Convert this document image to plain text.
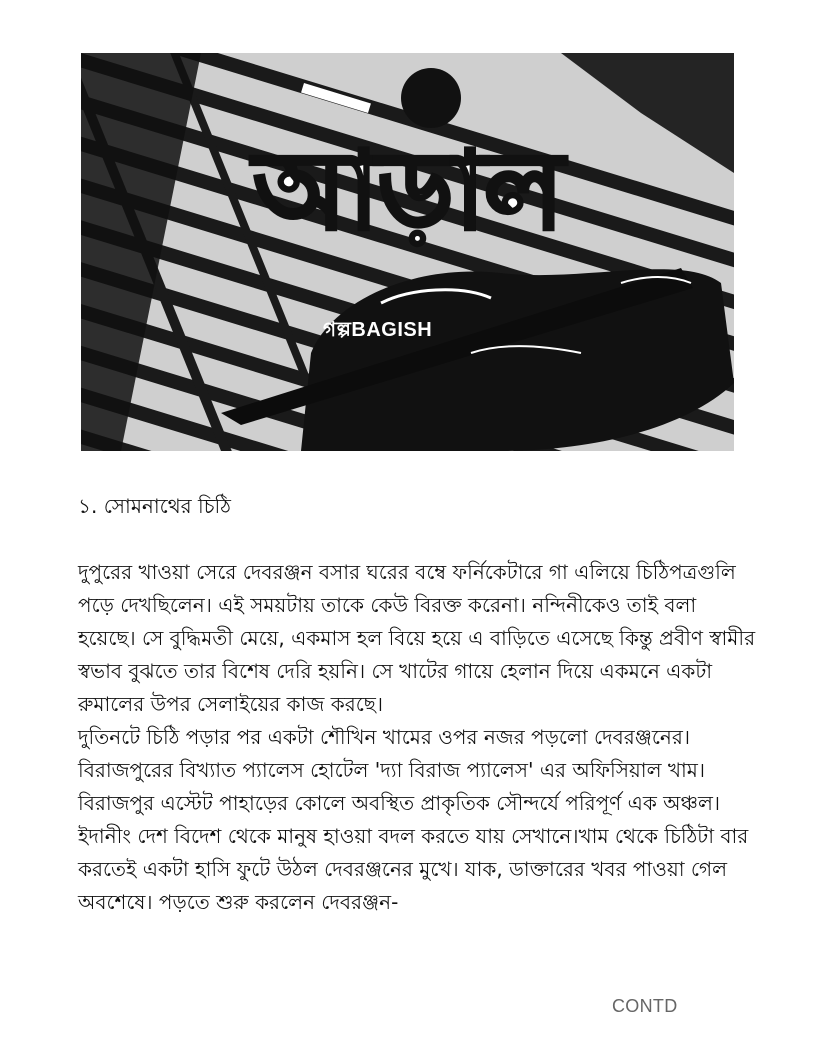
আড়াল
গল্পBAGISH
১. সোমনাথের চিঠি

দুপুরের খাওয়া সেরে দেবরঞ্জন বসার ঘরের বম্বে ফর্নিকেটারে গা এলিয়ে চিঠিপত্রগুলি পড়ে দেখছিলেন। এই সময়টায় তাকে কেউ বিরক্ত করেনা। নন্দিনীকেও তাই বলা হয়েছে। সে বুদ্ধিমতী মেয়ে, একমাস হল বিয়ে হয়ে এ বাড়িতে এসেছে কিন্তু প্রবীণ স্বামীর স্বভাব বুঝতে তার বিশেষ দেরি হয়নি। সে খাটের গায়ে হেলান দিয়ে একমনে একটা রুমালের উপর সেলাইয়ের কাজ করছে।

দুতিনটে চিঠি পড়ার পর একটা শৌখিন খামের ওপর নজর পড়লো দেবরঞ্জনের। বিরাজপুরের বিখ্যাত প্যালেস হোটেল 'দ্যা বিরাজ প্যালেস' এর অফিসিয়াল খাম। বিরাজপুর এস্টেট পাহাড়ের কোলে অবস্থিত প্রাকৃতিক সৌন্দর্যে পরিপূর্ণ এক অঞ্চল। ইদানীং দেশ বিদেশ থেকে মানুষ হাওয়া বদল করতে যায় সেখানে।খাম থেকে চিঠিটা বার করতেই একটা হাসি ফুটে উঠল দেবরঞ্জনের মুখে। যাক, ডাক্তারের খবর পাওয়া গেল অবশেষে। পড়তে শুরু করলেন দেবরঞ্জন-

CONTD
